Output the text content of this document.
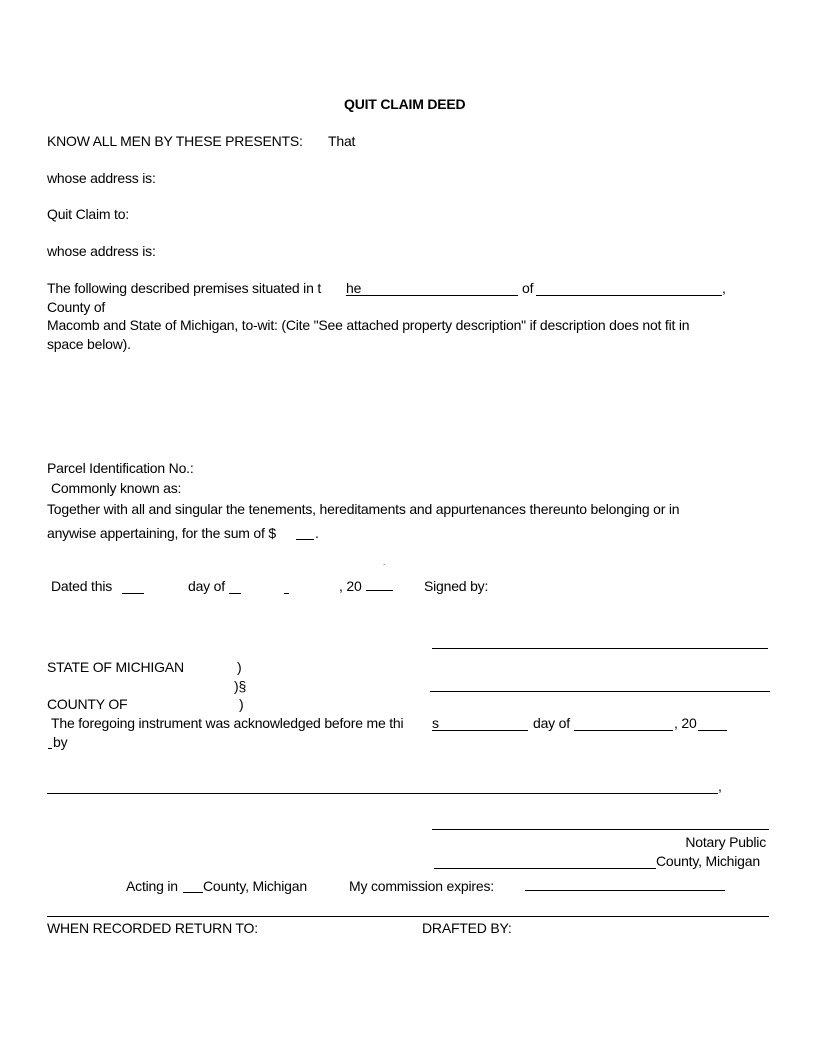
QUIT CLAIM DEED
KNOW ALL MEN BY THESE PRESENTS: That
whose address is:
Quit Claim to:
whose address is:
The following described premises situated in t he	of	,
County of
Macomb and State of Michigan, to-wit: (Cite "See attached property description" if description does not fit in
space below).
Parcel Identification No.:
Commonly known as:
Together with all and singular the tenements, hereditaments and appurtenances thereunto belonging or in
anywise appertaining, for the sum of $	.
.
Dated this	day of	, 20	Signed by:
STATE OF MICHIGAN	)
)§
COUNTY OF	)
The foregoing instrument was acknowledged before me thi s	day of	, 20
by
,
Notary Public
County, Michigan
Acting in County, Michigan	My commission expires:
WHEN RECORDED RETURN TO:	DRAFTED BY:
